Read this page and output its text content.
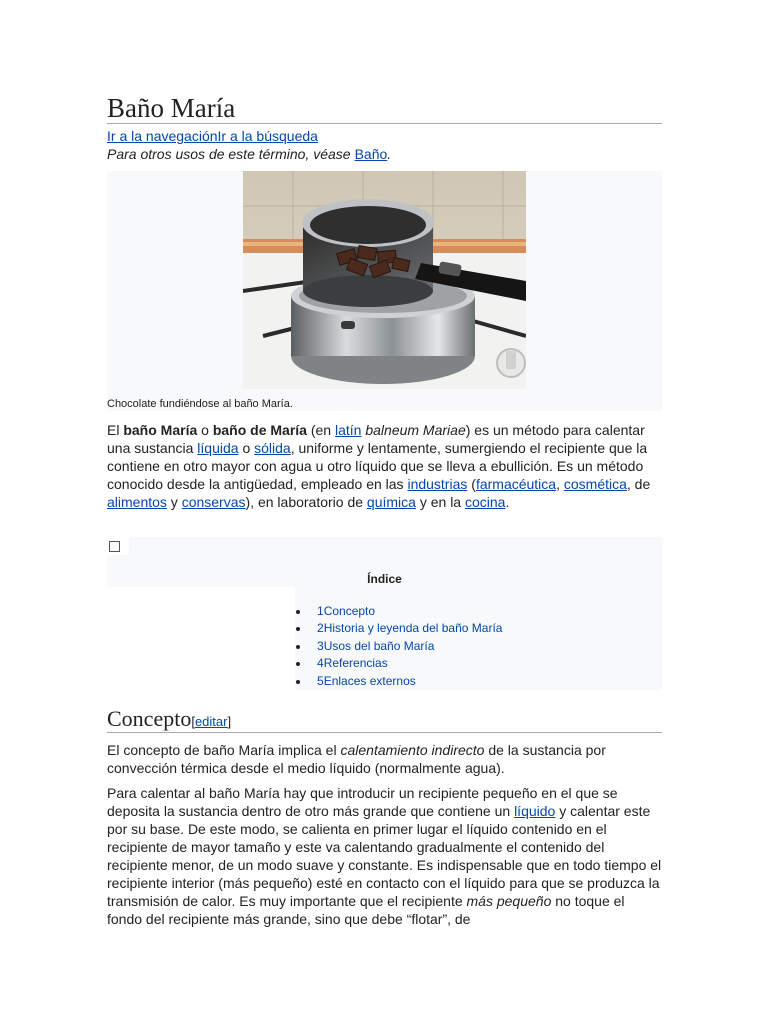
Baño María
Ir a la navegaciónIr a la búsqueda
Para otros usos de este término, véase Baño.
Chocolate fundiéndose al baño María.

El baño María o baño de María (en latín balneum Mariae) es un método para calentar una sustancia líquida o sólida, uniforme y lentamente, sumergiendo el recipiente que la contiene en otro mayor con agua u otro líquido que se lleva a ebullición. Es un método conocido desde la antigüedad, empleado en las industrias (farmacéutica, cosmética, de alimentos y conservas), en laboratorio de química y en la cocina.

Índice
1Concepto
2Historia y leyenda del baño María
3Usos del baño María
4Referencias
5Enlaces externos
Concepto[editar]

El concepto de baño María implica el calentamiento indirecto de la sustancia por convección térmica desde el medio líquido (normalmente agua).

Para calentar al baño María hay que introducir un recipiente pequeño en el que se deposita la sustancia dentro de otro más grande que contiene un líquido y calentar este por su base. De este modo, se calienta en primer lugar el líquido contenido en el recipiente de mayor tamaño y este va calentando gradualmente el contenido del recipiente menor, de un modo suave y constante. Es indispensable que en todo tiempo el recipiente interior (más pequeño) esté en contacto con el líquido para que se produzca la transmisión de calor. Es muy importante que el recipiente más pequeño no toque el fondo del recipiente más grande, sino que debe “flotar”, de
